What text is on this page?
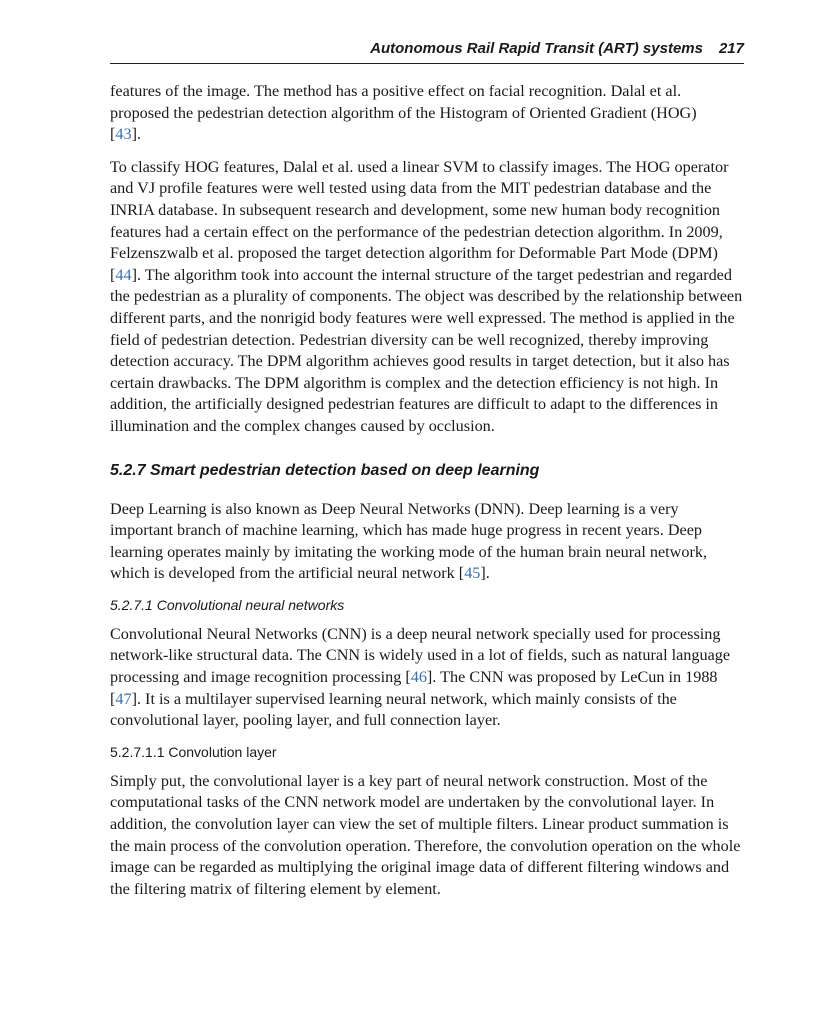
Autonomous Rail Rapid Transit (ART) systems 217

features of the image. The method has a positive effect on facial recognition. Dalal et al. proposed the pedestrian detection algorithm of the Histogram of Oriented Gradient (HOG)
[43].

To classify HOG features, Dalal et al. used a linear SVM to classify images. The HOG operator and VJ profile features were well tested using data from the MIT pedestrian database and the INRIA database. In subsequent research and development, some new human body recognition features had a certain effect on the performance of the pedestrian detection algorithm. In 2009, Felzenszwalb et al. proposed the target detection algorithm for Deformable Part Mode (DPM) [44]. The algorithm took into account the internal structure of the target pedestrian and regarded the pedestrian as a plurality of components. The object was described by the relationship between different parts, and the nonrigid body features were well expressed. The method is applied in the field of pedestrian detection. Pedestrian diversity can be well recognized, thereby improving detection accuracy. The DPM algorithm achieves good results in target detection, but it also has certain drawbacks. The DPM algorithm is complex and the detection efficiency is not high. In addition, the artificially designed pedestrian features are difficult to adapt to the differences in illumination and the complex changes caused by occlusion.

5.2.7 Smart pedestrian detection based on deep learning

Deep Learning is also known as Deep Neural Networks (DNN). Deep learning is a very important branch of machine learning, which has made huge progress in recent years. Deep learning operates mainly by imitating the working mode of the human brain neural network, which is developed from the artificial neural network [45].

5.2.7.1 Convolutional neural networks

Convolutional Neural Networks (CNN) is a deep neural network specially used for processing network-like structural data. The CNN is widely used in a lot of fields, such as natural language processing and image recognition processing [46]. The CNN was proposed by LeCun in 1988 [47]. It is a multilayer supervised learning neural network, which mainly consists of the convolutional layer, pooling layer, and full connection layer.

5.2.7.1.1 Convolution layer

Simply put, the convolutional layer is a key part of neural network construction. Most of the computational tasks of the CNN network model are undertaken by the convolutional layer. In addition, the convolution layer can view the set of multiple filters. Linear product summation is the main process of the convolution operation. Therefore, the convolution operation on the whole image can be regarded as multiplying the original image data of different filtering windows and the filtering matrix of filtering element by element.
